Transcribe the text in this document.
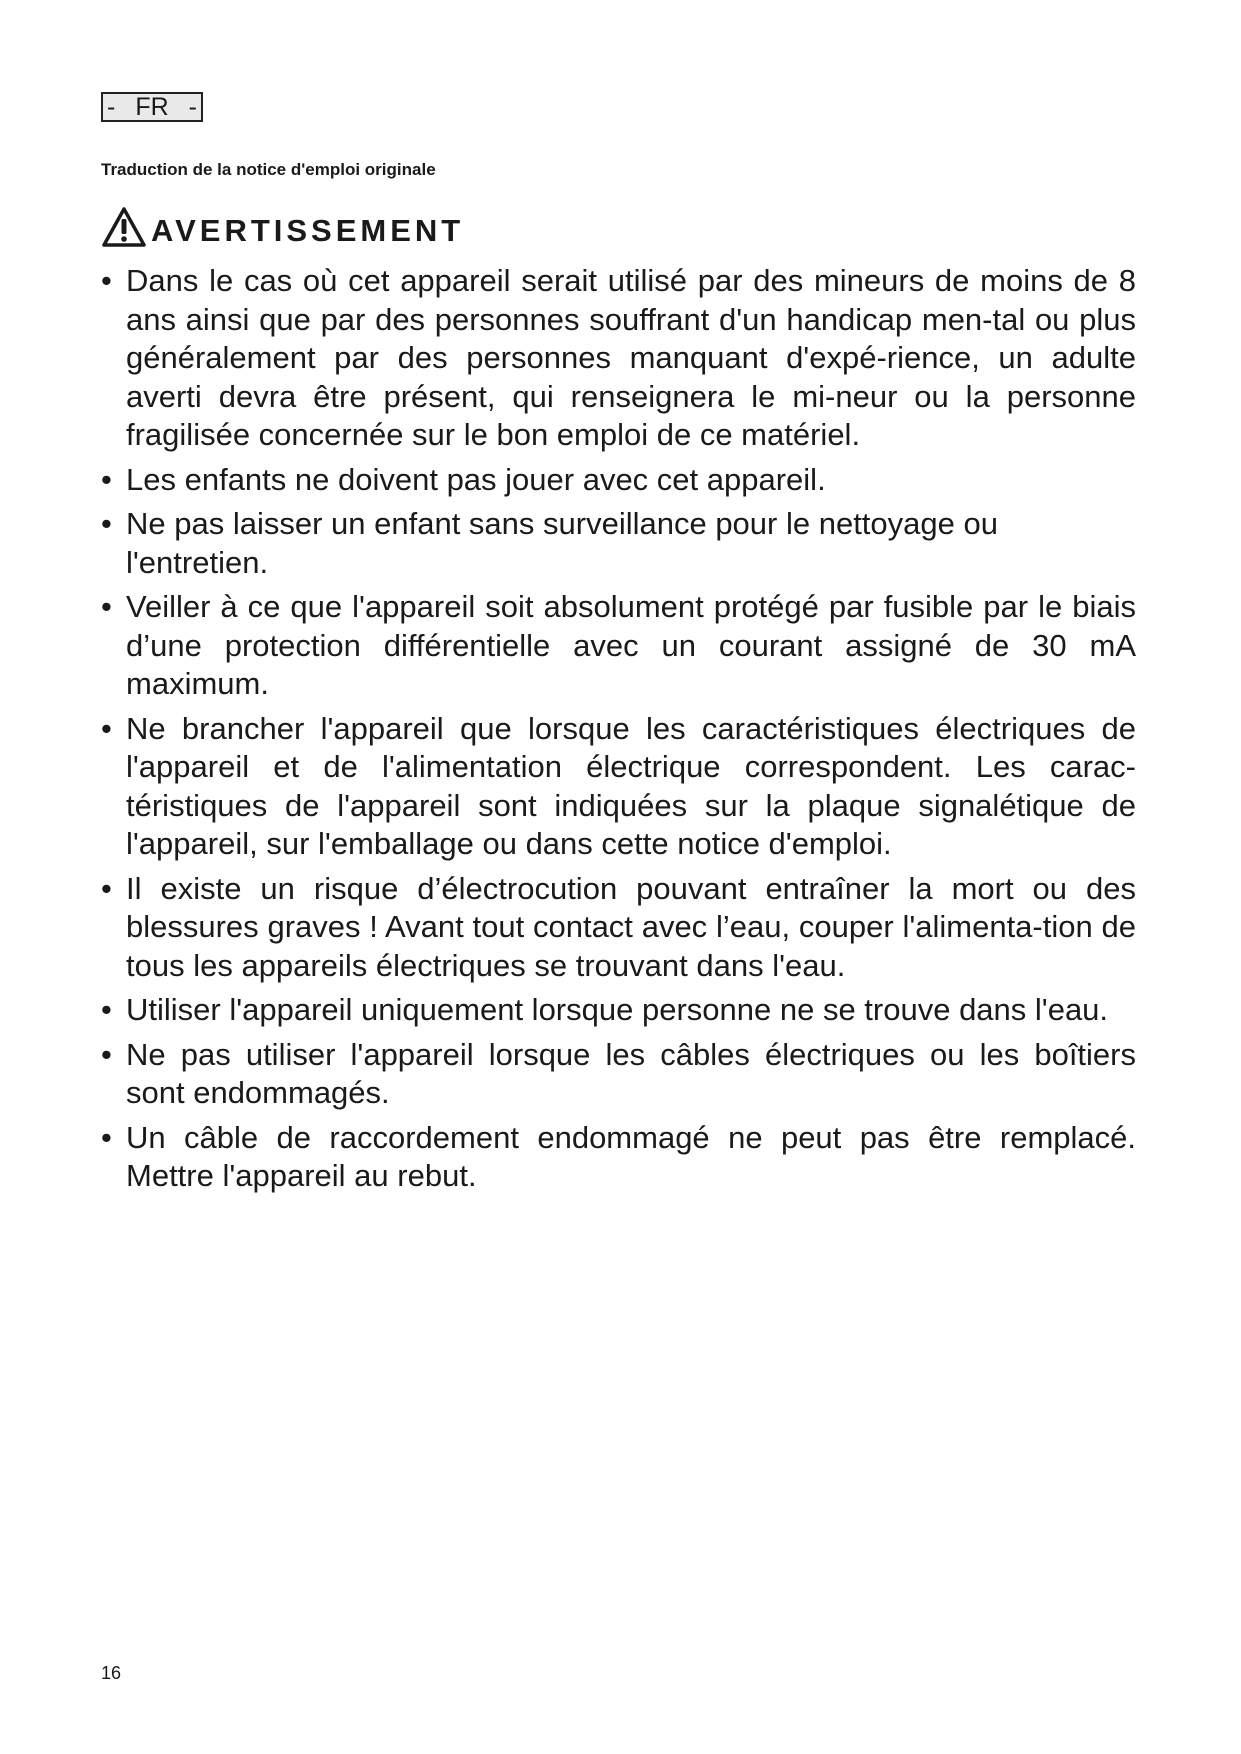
- FR -
Traduction de la notice d'emploi originale
AVERTISSEMENT
• Dans le cas où cet appareil serait utilisé par des mineurs de moins de 8 ans ainsi que par des personnes souffrant d'un handicap men-tal ou plus généralement par des personnes manquant d'expé-rience, un adulte averti devra être présent, qui renseignera le mi-neur ou la personne fragilisée concernée sur le bon emploi de ce matériel.
• Les enfants ne doivent pas jouer avec cet appareil.
• Ne pas laisser un enfant sans surveillance pour le nettoyage ou l'entretien.
• Veiller à ce que l'appareil soit absolument protégé par fusible par le biais d’une protection différentielle avec un courant assigné de 30 mA maximum.
• Ne brancher l'appareil que lorsque les caractéristiques électriques de l'appareil et de l'alimentation électrique correspondent. Les carac-téristiques de l'appareil sont indiquées sur la plaque signalétique de l'appareil, sur l'emballage ou dans cette notice d'emploi.
• Il existe un risque d’électrocution pouvant entraîner la mort ou des blessures graves ! Avant tout contact avec l’eau, couper l'alimenta-tion de tous les appareils électriques se trouvant dans l'eau.
• Utiliser l'appareil uniquement lorsque personne ne se trouve dans l'eau.
• Ne pas utiliser l'appareil lorsque les câbles électriques ou les boîtiers sont endommagés.
• Un câble de raccordement endommagé ne peut pas être remplacé. Mettre l'appareil au rebut.
16
